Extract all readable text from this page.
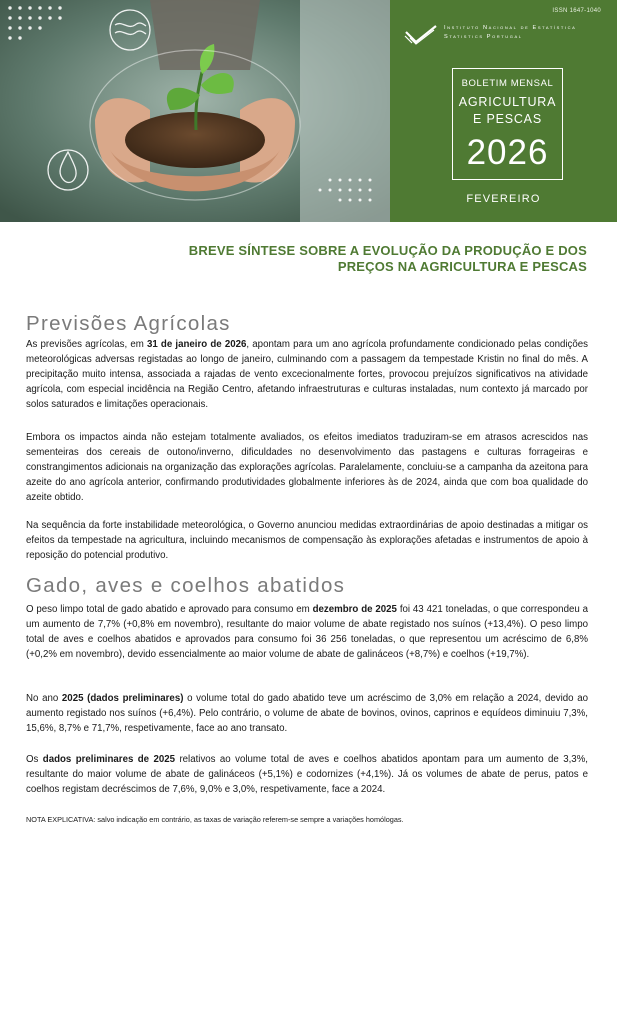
ISSN 1647-1040
Instituto Nacional de Estatística
Statistics Portugal
BOLETIM MENSAL
AGRICULTURA
E PESCAS
2026
FEVEREIRO
BREVE SÍNTESE SOBRE A EVOLUÇÃO DA PRODUÇÃO E DOS
PREÇOS NA AGRICULTURA E PESCAS
Previsões Agrícolas
As previsões agrícolas, em 31 de janeiro de 2026, apontam para um ano agrícola profundamente condicionado pelas condições meteorológicas adversas registadas ao longo de janeiro, culminando com a passagem da tempestade Kristin no final do mês. A precipitação muito intensa, associada a rajadas de vento excecionalmente fortes, provocou prejuízos significativos na atividade agrícola, com especial incidência na Região Centro, afetando infraestruturas e culturas instaladas, num contexto já marcado por solos saturados e limitações operacionais.
Embora os impactos ainda não estejam totalmente avaliados, os efeitos imediatos traduziram-se em atrasos acrescidos nas sementeiras dos cereais de outono/inverno, dificuldades no desenvolvimento das pastagens e culturas forrageiras e constrangimentos adicionais na organização das explorações agrícolas. Paralelamente, concluiu-se a campanha da azeitona para azeite do ano agrícola anterior, confirmando produtividades globalmente inferiores às de 2024, ainda que com boa qualidade do azeite obtido.
Na sequência da forte instabilidade meteorológica, o Governo anunciou medidas extraordinárias de apoio destinadas a mitigar os efeitos da tempestade na agricultura, incluindo mecanismos de compensação às explorações afetadas e instrumentos de apoio à reposição do potencial produtivo.
Gado, aves e coelhos abatidos
O peso limpo total de gado abatido e aprovado para consumo em dezembro de 2025 foi 43 421 toneladas, o que correspondeu a um aumento de 7,7% (+0,8% em novembro), resultante do maior volume de abate registado nos suínos (+13,4%). O peso limpo total de aves e coelhos abatidos e aprovados para consumo foi 36 256 toneladas, o que representou um acréscimo de 6,8% (+0,2% em novembro), devido essencialmente ao maior volume de abate de galináceos (+8,7%) e coelhos (+19,7%).
No ano 2025 (dados preliminares) o volume total do gado abatido teve um acréscimo de 3,0% em relação a 2024, devido ao aumento registado nos suínos (+6,4%). Pelo contrário, o volume de abate de bovinos, ovinos, caprinos e equídeos diminuiu 7,3%, 15,6%, 8,7% e 71,7%, respetivamente, face ao ano transato.
Os dados preliminares de 2025 relativos ao volume total de aves e coelhos abatidos apontam para um aumento de 3,3%, resultante do maior volume de abate de galináceos (+5,1%) e codornizes (+4,1%). Já os volumes de abate de perus, patos e coelhos registam decréscimos de 7,6%, 9,0% e 3,0%, respetivamente, face a 2024.
NOTA EXPLICATIVA: salvo indicação em contrário, as taxas de variação referem-se sempre a variações homólogas.
